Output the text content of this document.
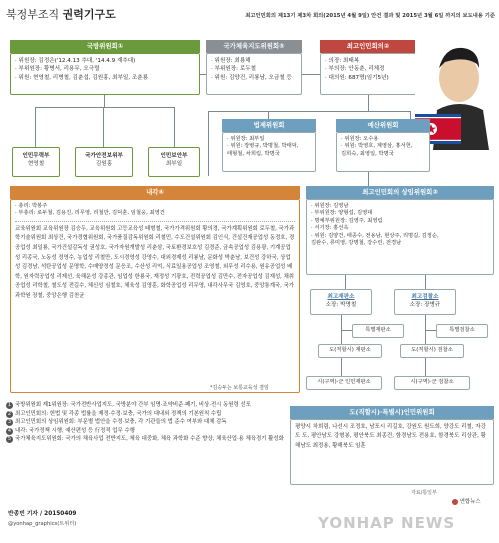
북정부조직 권력기구도	최고인민회의 제13기 제3차 회의(2015년 4월 9일) 안건 결과 및 2015년 3월 6일 까지의 보도내용 기준
국방위원회①
· 위원장: 김정은('12.4.13 추대, '14.4.9 재추대)
· 부위원장: 황병서, 리용무, 오극렬
· 위원: 현영철, 리병철, 김춘섭, 김원홍, 최부일, 조춘룡
국가체육지도위원회⑤
· 위원장: 최룡해
· 부위원장: 로두철
· 위원: 김양건, 리룡남, 오금철 등
최고인민회의②
· 의장: 최태복
· 부의장: 안동춘, 리체정
· 대의원: 687명(임기5년)
인민무력부
현영철
국가안전보위부
김원홍
인민보안부
최부일
법제위원회
· 위원장: 최부일
· 위원: 장병규, 박명철, 박태덕,
태형철, 차희림, 박명국
예산위원회
· 위원장: 오수용
· 위원: 박영호, 계영삼, 홍서헌,
김희숙, 최영일, 박명국
내각④
· 총리: 박봉주
· 부총리: 로두철, 김용진, 리무영, 리철만, 김덕훈, 임철웅, 최영건
교육위원회 교육위원장 김승두, 교육위원회 고등교육성 태형철, 국가가격위원회 황의경, 국가계획위원회 로두철, 국가과학기술위원회 최상건, 국가경협위원회, 국가품질감독위원회 리철민, 수도건설위원회 김인식, 건설건재공업성 동정호, 경공업성 최일룡, 국가건설감독성 권성호, 국가자원개발성 리춘삼, 국토환경보호성 김경준, 금속공업성 김용광, 기계공업성 리종국, 노동성 정영수, 농업성 리철만, 도시경영성 강영수, 대외경제성 리룡남, 문화성 박춘남, 보건성 강하국, 상업성 김경남, 석탄공업성 문명학, 수매양정성 문응조, 수산성 리억, 식료일용공업성 조영철, 외무성 리수용, 원유공업성 배학, 원자력공업성 리제선, 육해운성 강종관, 임업성 한룡국, 재정성 기광호, 전력공업성 김만수, 전자공업성 김재성, 채취공업성 리학철, 철도성 전길수, 체신성 심철호, 체육성 김영훈, 화학공업성 리무영, 내각사무국 김영호, 중앙통계국, 국가과학원 장철, 중앙은행 김천균
*김승두는 보통교육성 겸임
최고인민회의 상임위원회③
· 위원장: 김영남
· 부위원장: 양형섭, 김영대
· 명예부위원장: 김영주, 최영림
· 서기장: 홍선옥
· 위원: 김양건, 태종수, 전용남, 현상주, 리명길, 김정순,
김완수, 류미영, 강명철, 강수린, 전경남
최고재판소
소장: 박명철
최고검찰소
소장: 장병규
특별재판소
도(직할시) 재판소
시(구역)·군 인민재판소
특별검찰소
도(직할시) 검찰소
시(구역)·군 검찰소
1 국방위원회 제1위원장: 국가전반사업지도, 국방분야 간부 임명·조약비준·폐기, 비상·전시 동원령 선포
2 최고인민회의: 헌법 및 각종 법률을 제정·수정·보충, 국가의 대내외 정책의 기본원칙 수립
3 최고인민회의 상임위원회: 부문별 법안을 수정·보충, 각 기관들의 법 준수 여부와 대체 감독
4 내각: 국가정책 시행, 예산편성 등 行정적 업무 수행
5 국가체육지도위원회: 국가의 체육사업 전반지도, 체육 대중화, 체육 과학화 수준 향상, 체육산업·용 체육경기 활성화
도(직할시)·특별시)인민위원회
평양시 차희림, 나선시 조정호, 남포시 리길호, 강원도 원도희, 양강도 리철, 자강도 도, 평안남도 강형봉, 평안북도 최종건, 함경남도 전용호, 함경북도 리상관, 황해남도 최정용, 황해북도 임훈
자료/통일부
반종빈 기자 / 20150409
@yonhap_graphics(트위터)	YONHAP NEWS
연합뉴스
